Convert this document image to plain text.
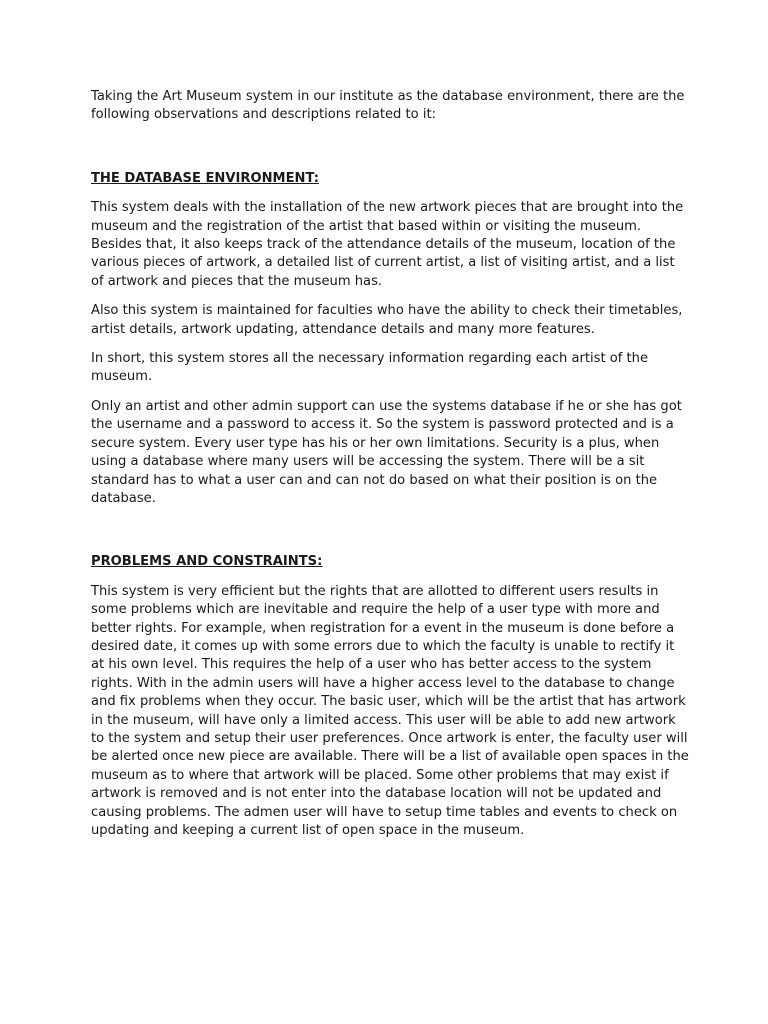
Taking the Art Museum system in our institute as the database environment, there are the following observations and descriptions related to it:

THE DATABASE ENVIRONMENT:

This system deals with the installation of the new artwork pieces that are brought into the museum and the registration of the artist that based within or visiting the museum. Besides that, it also keeps track of the attendance details of the museum, location of the various pieces of artwork, a detailed list of current artist, a list of visiting artist, and a list of artwork and pieces that the museum has.

Also this system is maintained for faculties who have the ability to check their timetables, artist details, artwork updating, attendance details and many more features.

In short, this system stores all the necessary information regarding each artist of the museum.

Only an artist and other admin support can use the systems database if he or she has got the username and a password to access it. So the system is password protected and is a secure system. Every user type has his or her own limitations. Security is a plus, when using a database where many users will be accessing the system. There will be a sit standard has to what a user can and can not do based on what their position is on the database.

PROBLEMS AND CONSTRAINTS:

This system is very efficient but the rights that are allotted to different users results in some problems which are inevitable and require the help of a user type with more and better rights. For example, when registration for a event in the museum is done before a desired date, it comes up with some errors due to which the faculty is unable to rectify it at his own level. This requires the help of a user who has better access to the system rights. With in the admin users will have a higher access level to the database to change and fix problems when they occur. The basic user, which will be the artist that has artwork in the museum, will have only a limited access. This user will be able to add new artwork to the system and setup their user preferences. Once artwork is enter, the faculty user will be alerted once new piece are available. There will be a list of available open spaces in the museum as to where that artwork will be placed. Some other problems that may exist if artwork is removed and is not enter into the database location will not be updated and causing problems. The admen user will have to setup time tables and events to check on updating and keeping a current list of open space in the museum.
